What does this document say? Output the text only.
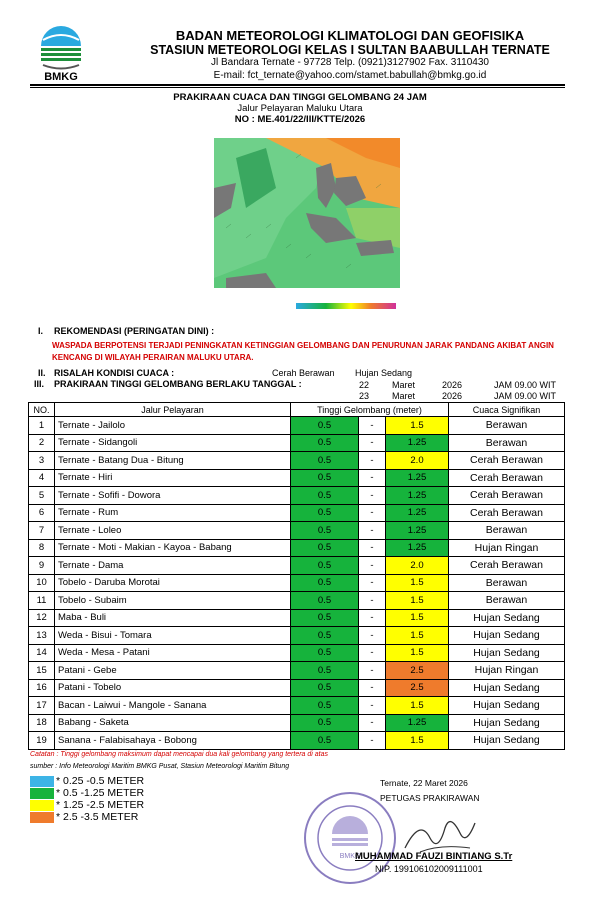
BMKG
BADAN METEOROLOGI KLIMATOLOGI DAN GEOFISIKA
STASIUN METEOROLOGI KELAS I SULTAN BAABULLAH TERNATE
Jl Bandara Ternate - 97728 Telp. (0921)3127902 Fax. 3110430
E-mail: fct_ternate@yahoo.com/stamet.babullah@bmkg.go.id
PRAKIRAAN CUACA DAN TINGGI GELOMBANG 24 JAM
Jalur Pelayaran Maluku Utara
NO : ME.401/22/III/KTTE/2026
I. REKOMENDASI (PERINGATAN DINI) :
WASPADA BERPOTENSI TERJADI PENINGKATAN KETINGGIAN GELOMBANG DAN PENURUNAN JARAK PANDANG AKIBAT ANGIN KENCANG DI WILAYAH PERAIRAN MALUKU UTARA.
II. RISALAH KONDISI CUACA :	Cerah Berawan Hujan Sedang
III. PRAKIRAAN TINGGI GELOMBANG BERLAKU TANGGAL :	22	Maret	2026	JAM 09.00 WIT
23	Maret	2026	JAM 09.00 WIT
NO.	Jalur Pelayaran	Tinggi Gelombang (meter)			Cuaca Signifikan
1	Ternate - Jailolo	0.5	-	1.5	Berawan
2	Ternate - Sidangoli	0.5	-	1.25	Berawan
3	Ternate - Batang Dua - Bitung	0.5	-	2.0	Cerah Berawan
4	Ternate - Hiri	0.5	-	1.25	Cerah Berawan
5	Ternate - Sofifi - Dowora	0.5	-	1.25	Cerah Berawan
6	Ternate - Rum	0.5	-	1.25	Cerah Berawan
7	Ternate - Loleo	0.5	-	1.25	Berawan
8	Ternate - Moti - Makian - Kayoa - Babang	0.5	-	1.25	Hujan Ringan
9	Ternate - Dama	0.5	-	2.0	Cerah Berawan
10	Tobelo - Daruba Morotai	0.5	-	1.5	Berawan
11	Tobelo - Subaim	0.5	-	1.5	Berawan
12	Maba - Buli	0.5	-	1.5	Hujan Sedang
13	Weda - Bisui - Tomara	0.5	-	1.5	Hujan Sedang
14	Weda - Mesa - Patani	0.5	-	1.5	Hujan Sedang
15	Patani - Gebe	0.5	-	2.5	Hujan Ringan
16	Patani - Tobelo	0.5	-	2.5	Hujan Sedang
17	Bacan - Laiwui - Mangole - Sanana	0.5	-	1.5	Hujan Sedang
18	Babang - Saketa	0.5	-	1.25	Hujan Sedang
19	Sanana - Falabisahaya - Bobong	0.5	-	1.5	Hujan Sedang
Catatan : Tinggi gelombang maksimum dapat mencapai dua kali gelombang yang tertera di atas
sumber : Info Meteorologi Maritim BMKG Pusat, Stasiun Meteorologi Maritim Bitung
* 0.25 -0.5 METER
* 0.5 -1.25 METER
* 1.25 -2.5 METER
* 2.5 -3.5 METER
Ternate, 22 Maret 2026
PETUGAS PRAKIRAWAN
BMKG
MUHAMMAD FAUZI BINTIANG S.Tr
NIP. 199106102009111001
